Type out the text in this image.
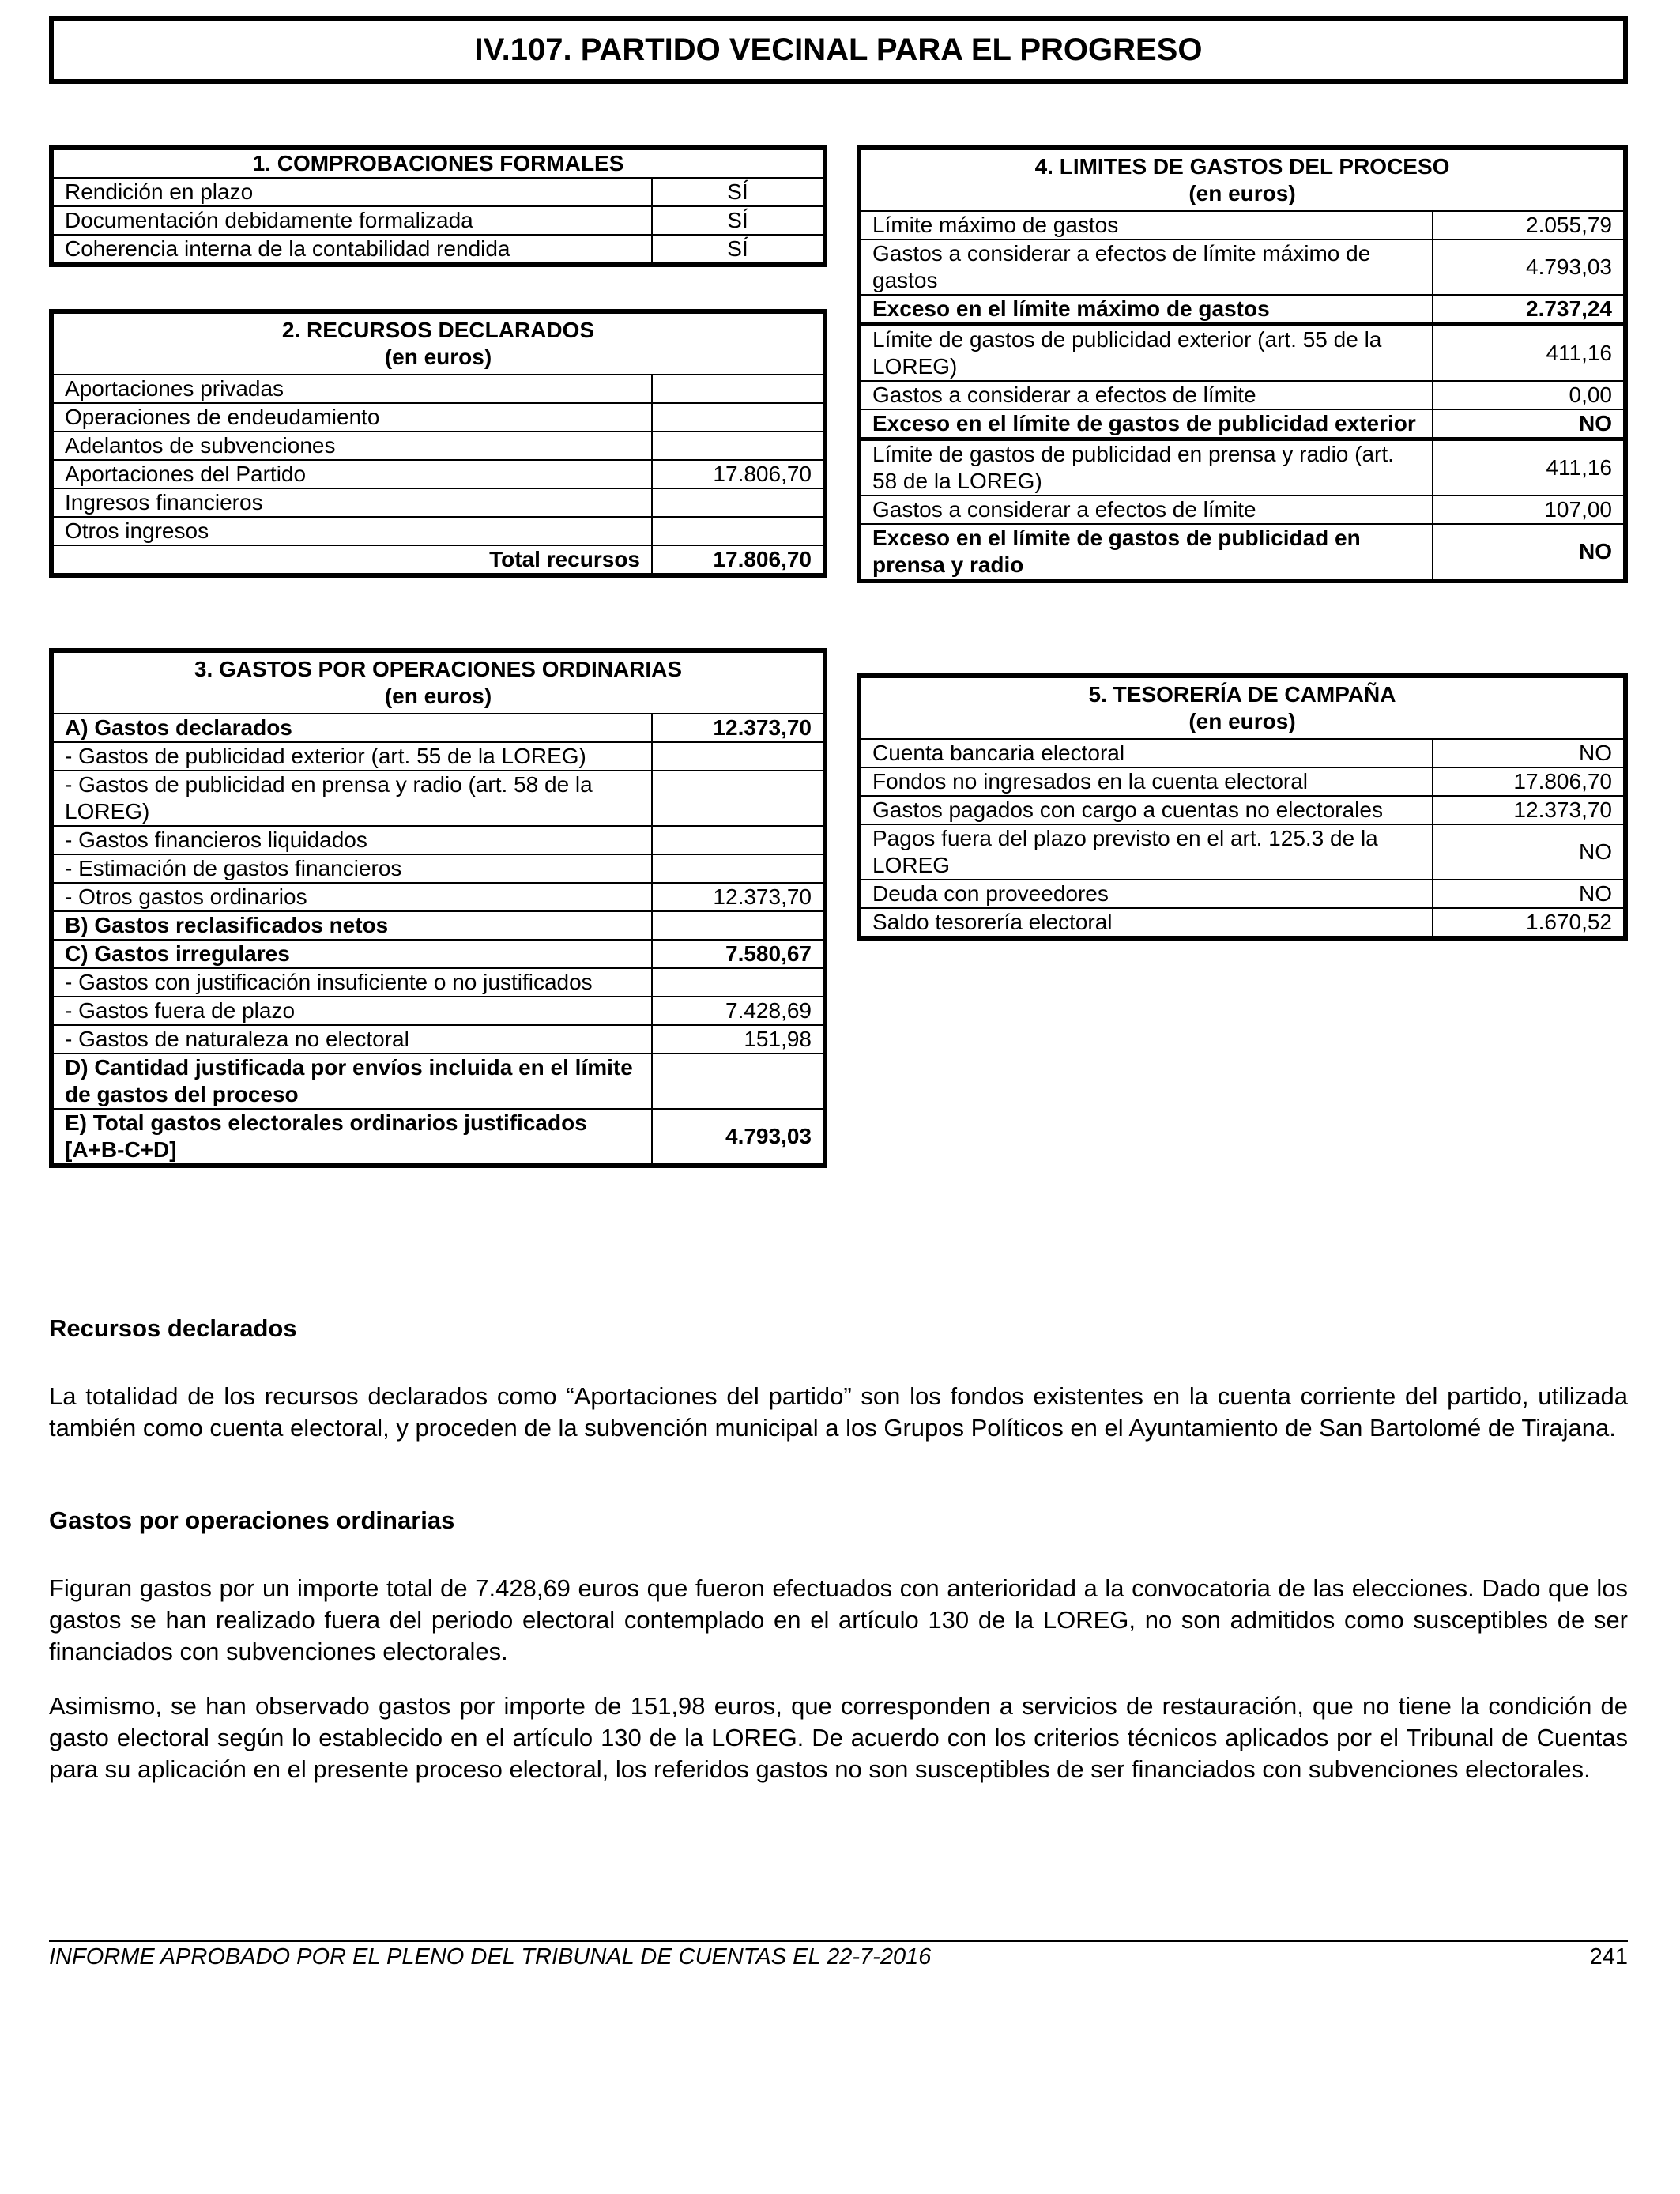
IV.107. PARTIDO VECINAL PARA EL PROGRESO
1. COMPROBACIONES FORMALES	
Rendición en plazo	SÍ
Documentación debidamente formalizada	SÍ
Coherencia interna de la contabilidad rendida	SÍ
2. RECURSOS DECLARADOS
(en euros)	

Aportaciones privadas	
Operaciones de endeudamiento	
Adelantos de subvenciones	
Aportaciones del Partido	17.806,70
Ingresos financieros	
Otros ingresos	
Total recursos	17.806,70
3. GASTOS POR OPERACIONES ORDINARIAS
(en euros)	

A) Gastos declarados	12.373,70
- Gastos de publicidad exterior (art. 55 de la LOREG)	
- Gastos de publicidad en prensa y radio (art. 58 de la LOREG)	
- Gastos financieros liquidados	
- Estimación de gastos financieros	
- Otros gastos ordinarios	12.373,70
B) Gastos reclasificados netos	
C) Gastos irregulares	7.580,67
- Gastos con justificación insuficiente o no justificados	
- Gastos fuera de plazo	7.428,69
- Gastos de naturaleza no electoral	151,98
D) Cantidad justificada por envíos incluida en el límite de gastos del proceso	
E) Total gastos electorales ordinarios justificados [A+B-C+D]	4.793,03
4. LIMITES DE GASTOS DEL PROCESO
(en euros)	

Límite máximo de gastos	2.055,79
Gastos a considerar a efectos de límite máximo de gastos	4.793,03
Exceso en el límite máximo de gastos	2.737,24
Límite de gastos de publicidad exterior (art. 55 de la LOREG)	411,16
Gastos a considerar a efectos de límite	0,00
Exceso en el límite de gastos de publicidad exterior	NO
Límite de gastos de publicidad en prensa y radio (art. 58 de la LOREG)	411,16
Gastos a considerar a efectos de límite	107,00
Exceso en el límite de gastos de publicidad en prensa y radio	NO
5. TESORERÍA DE CAMPAÑA
(en euros)	

Cuenta bancaria electoral	NO
Fondos no ingresados en la cuenta electoral	17.806,70
Gastos pagados con cargo a cuentas no electorales	12.373,70
Pagos fuera del plazo previsto en el art. 125.3 de la LOREG	NO
Deuda con proveedores	NO
Saldo tesorería electoral	1.670,52
Recursos declarados
La totalidad de los recursos declarados como “Aportaciones del partido” son los fondos existentes en la cuenta corriente del partido, utilizada también como cuenta electoral, y proceden de la subvención municipal a los Grupos Políticos en el Ayuntamiento de San Bartolomé de Tirajana.
Gastos por operaciones ordinarias
Figuran gastos por un importe total de 7.428,69 euros que fueron efectuados con anterioridad a la convocatoria de las elecciones. Dado que los gastos se han realizado fuera del periodo electoral contemplado en el artículo 130 de la LOREG, no son admitidos como susceptibles de ser financiados con subvenciones electorales.
Asimismo, se han observado gastos por importe de 151,98 euros, que corresponden a servicios de restauración, que no tiene la condición de gasto electoral según lo establecido en el artículo 130 de la LOREG. De acuerdo con los criterios técnicos aplicados por el Tribunal de Cuentas para su aplicación en el presente proceso electoral, los referidos gastos no son susceptibles de ser financiados con subvenciones electorales.
INFORME APROBADO POR EL PLENO DEL TRIBUNAL DE CUENTAS EL 22-7-2016	241
